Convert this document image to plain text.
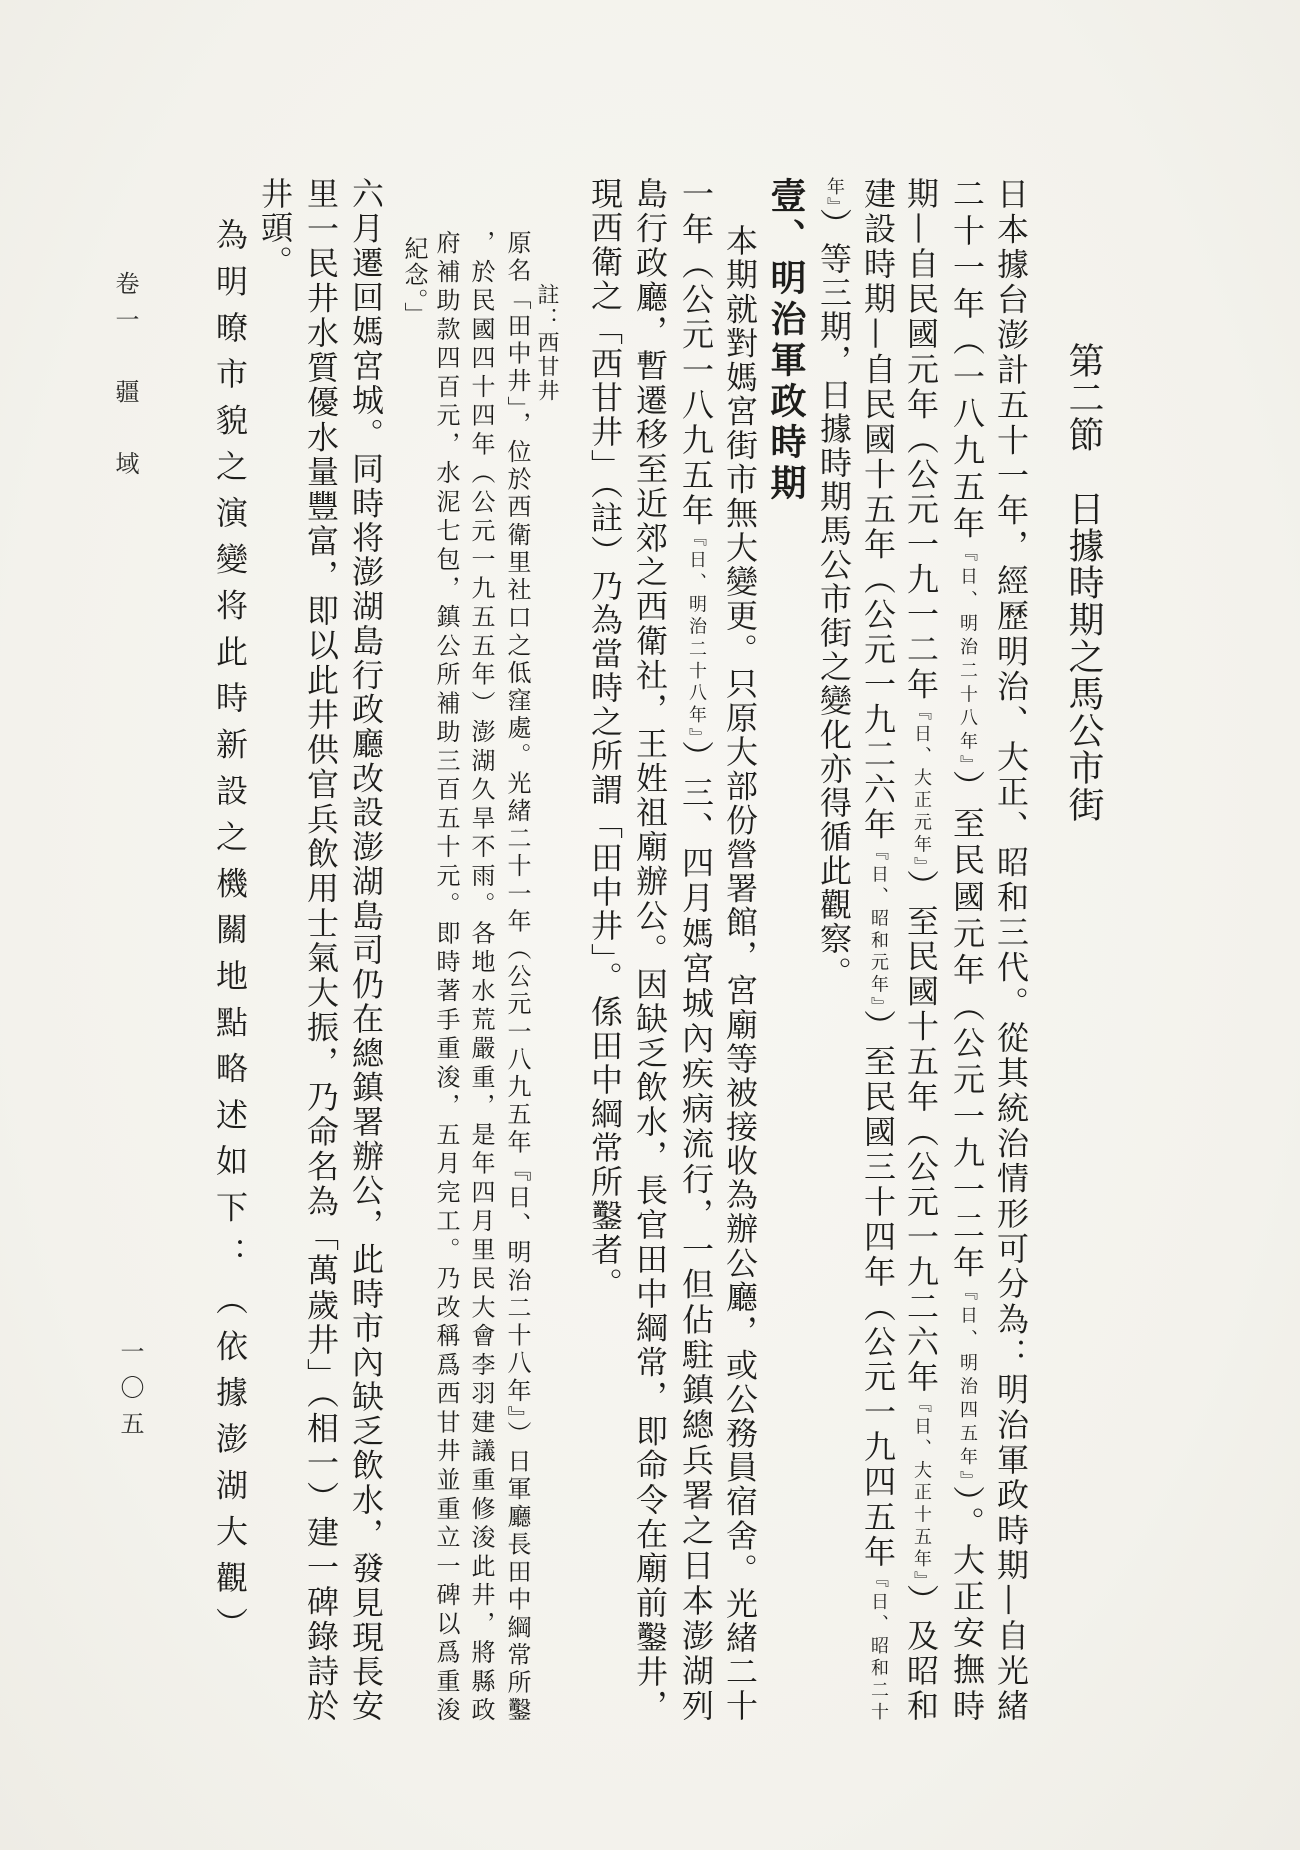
第二節　日據時期之馬公市街
日本據台澎計五十一年，經歷明治、大正、昭和三代。從其統治情形可分為：明治軍政時期—自光緒
二十一年（一八九五年『日、明治二十八年』）至民國元年（公元一九一二年『日、明治四五年』）。大正安撫時
期—自民國元年（公元一九一二年『日、大正元年』）至民國十五年（公元一九二六年『日、大正十五年』）及昭和
建設時期—自民國十五年（公元一九二六年『日、昭和元年』）至民國三十四年（公元一九四五年『日、昭和二十
年』）等三期，日據時期馬公市街之變化亦得循此觀察。
壹、明治軍政時期
本期就對媽宮街市無大變更。只原大部份營署館，宮廟等被接收為辦公廳，或公務員宿舍。光緒二十
一年（公元一八九五年『日、明治二十八年』）三、四月媽宮城內疾病流行，一但佔駐鎮總兵署之日本澎湖列
島行政廳，暫遷移至近郊之西衛社，王姓祖廟辦公。因缺乏飲水，長官田中綱常，即命令在廟前鑿井，
現西衛之「西甘井」（註）乃為當時之所謂「田中井」。係田中綱常所鑿者。
註：西甘井
原名「田中井」，位於西衛里社口之低窪處。光緒二十一年（公元一八九五年『日、明治二十八年』）日軍廳長田中綱常所鑿
，於民國四十四年（公元一九五五年）澎湖久旱不雨。各地水荒嚴重，是年四月里民大會李羽建議重修浚此井，將縣政
府補助款四百元，水泥七包，鎮公所補助三百五十元。即時著手重浚，五月完工。乃改稱爲西甘井並重立一碑以爲重浚
紀念。」
六月遷回媽宮城。同時将澎湖島行政廳改設澎湖島司仍在總鎮署辦公，此時市內缺乏飲水，發見現長安
里一民井水質優水量豐富，即以此井供官兵飲用士氣大振，乃命名為「萬歲井」（相一）建一碑錄詩於
井頭。
為明暸市貌之演變将此時新設之機關地點略述如下：（依據澎湖大觀）
卷一　疆　域
一〇五
